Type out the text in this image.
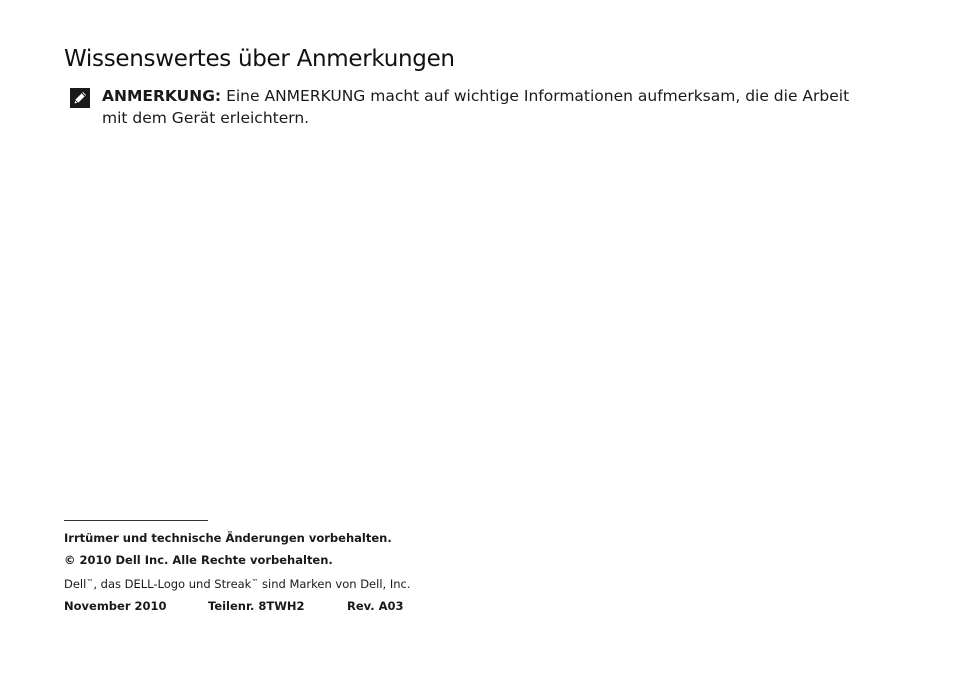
Wissenswertes über Anmerkungen

ANMERKUNG: Eine ANMERKUNG macht auf wichtige Informationen aufmerksam, die die Arbeit mit dem Gerät erleichtern.

Irrtümer und technische Änderungen vorbehalten.
© 2010 Dell Inc. Alle Rechte vorbehalten.
Dell™, das DELL-Logo und Streak™ sind Marken von Dell, Inc.
November 2010	Teilenr. 8TWH2	Rev. A03
